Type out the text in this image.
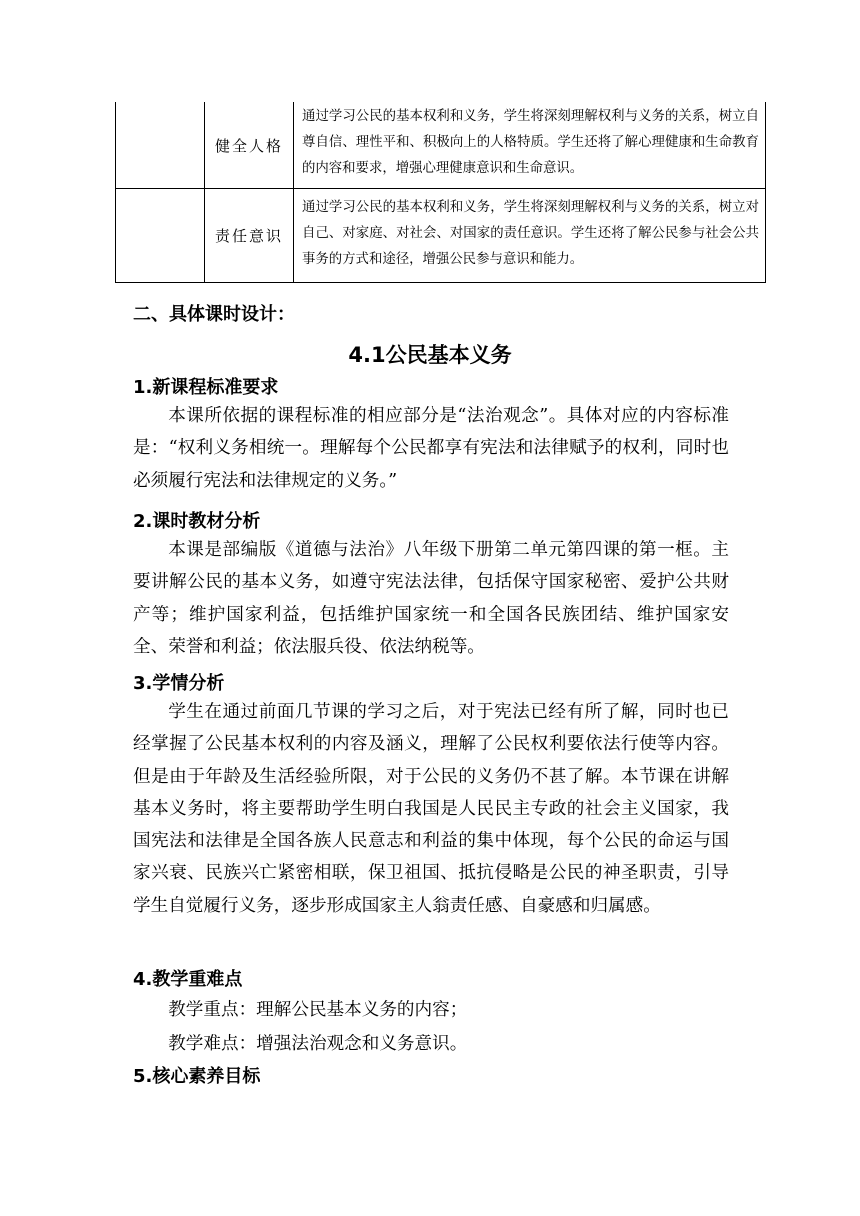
	健全人格	通过学习公民的基本权利和义务，学生将深刻理解权利与义务的关系，树立自尊自信、理性平和、积极向上的人格特质。学生还将了解心理健康和生命教育的内容和要求，增强心理健康意识和生命意识。
	责任意识	通过学习公民的基本权利和义务，学生将深刻理解权利与义务的关系，树立对自己、对家庭、对社会、对国家的责任意识。学生还将了解公民参与社会公共事务的方式和途径，增强公民参与意识和能力。
二、具体课时设计：
4.1公民基本义务
1.新课程标准要求
本课所依据的课程标准的相应部分是“法治观念”。具体对应的内容标准是：“权利义务相统一。理解每个公民都享有宪法和法律赋予的权利，同时也必须履行宪法和法律规定的义务。”
2.课时教材分析
本课是部编版《道德与法治》八年级下册第二单元第四课的第一框。主要讲解公民的基本义务，如遵守宪法法律，包括保守国家秘密、爱护公共财产等；维护国家利益，包括维护国家统一和全国各民族团结、维护国家安全、荣誉和利益；依法服兵役、依法纳税等。
3.学情分析
学生在通过前面几节课的学习之后，对于宪法已经有所了解，同时也已经掌握了公民基本权利的内容及涵义，理解了公民权利要依法行使等内容。但是由于年龄及生活经验所限，对于公民的义务仍不甚了解。本节课在讲解基本义务时，将主要帮助学生明白我国是人民民主专政的社会主义国家，我国宪法和法律是全国各族人民意志和利益的集中体现，每个公民的命运与国家兴衰、民族兴亡紧密相联，保卫祖国、抵抗侵略是公民的神圣职责，引导学生自觉履行义务，逐步形成国家主人翁责任感、自豪感和归属感。
4.教学重难点
教学重点：理解公民基本义务的内容；
教学难点：增强法治观念和义务意识。
5.核心素养目标
